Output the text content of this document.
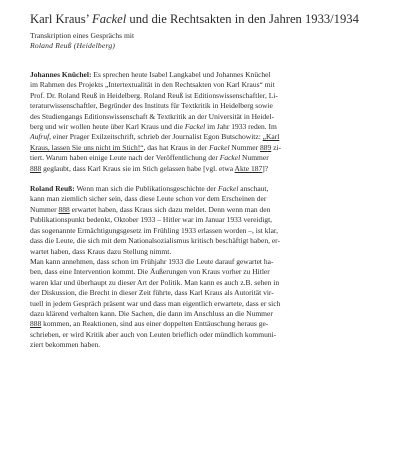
Karl Kraus’ Fackel und die Rechtsakten in den Jahren 1933/1934
Transkription eines Gesprächs mit
Roland Reuß (Heidelberg)

Johannes Knüchel: Es sprechen heute Isabel Langkabel und Johannes Knüchel
im Rahmen des Projekts „Intertextualität in den Rechtsakten von Karl Kraus“ mit
Prof. Dr. Roland Reuß in Heidelberg. Roland Reuß ist Editionswissenschaftler, Li-
teraturwissenschaftler, Begründer des Instituts für Textkritik in Heidelberg sowie
des Studiengangs Editionswissenschaft & Textkritik an der Universität in Heidel-
berg und wir wollen heute über Karl Kraus und die Fackel im Jahr 1933 reden. Im
Aufruf, einer Prager Exilzeitschrift, schrieb der Journalist Egon Butschowitz: „Karl
Kraus, lassen Sie uns nicht im Stich!“, das hat Kraus in der Fackel Nummer 889 zi-
tiert. Warum haben einige Leute nach der Veröffentlichung der Fackel Nummer
888 geglaubt, dass Karl Kraus sie im Stich gelassen habe [vgl. etwa Akte 187]?

Roland Reuß: Wenn man sich die Publikationsgeschichte der Fackel anschaut,
kann man ziemlich sicher sein, dass diese Leute schon vor dem Erscheinen der
Nummer 888 erwartet haben, dass Kraus sich dazu meldet. Denn wenn man den
Publikationspunkt bedenkt, Oktober 1933 – Hitler war im Januar 1933 vereidigt,
das sogenannte Ermächtigungsgesetz im Frühling 1933 erlassen worden –, ist klar,
dass die Leute, die sich mit dem Nationalsozialismus kritisch beschäftigt haben, er-
wartet haben, dass Kraus dazu Stellung nimmt.
Man kann annehmen, dass schon im Frühjahr 1933 die Leute darauf gewartet ha-
ben, dass eine Intervention kommt. Die Äußerungen von Kraus vorher zu Hitler
waren klar und überhaupt zu dieser Art der Politik. Man kann es auch z.B. sehen in
der Diskussion, die Brecht in dieser Zeit führte, dass Karl Kraus als Autorität vir-
tuell in jedem Gespräch präsent war und dass man eigentlich erwartete, dass er sich
dazu klärend verhalten kann. Die Sachen, die dann im Anschluss an die Nummer
888 kommen, an Reaktionen, sind aus einer doppelten Enttäuschung heraus ge-
schrieben, er wird Kritik aber auch von Leuten brieflich oder mündlich kommuni-
ziert bekommen haben.
